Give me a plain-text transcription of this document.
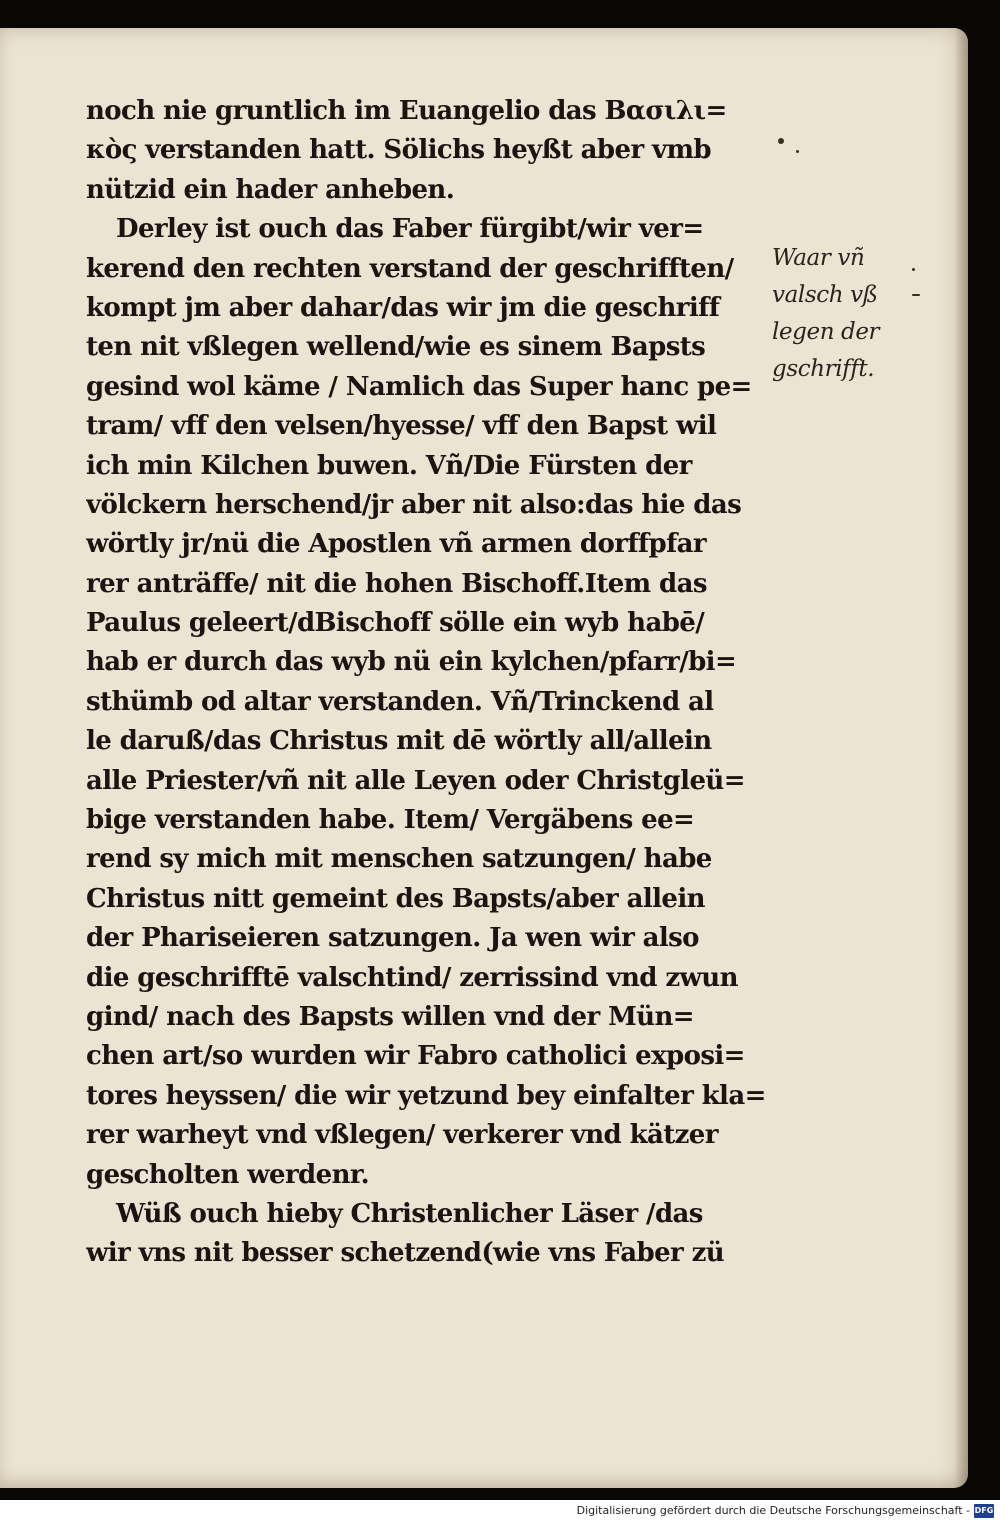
noch nie gruntlich im Euangelio das Βασιλι=
κὸς verstanden hatt. Sölichs heyßt aber vmb
nützid ein hader anheben.
Derley ist ouch das Faber fürgibt/wir ver=
kerend den rechten verstand der geschrifften/
kompt jm aber dahar/das wir jm die geschriff
ten nit vßlegen wellend/wie es sinem Bapsts
gesind wol käme / Namlich das Super hanc pe=
tram/ vff den velsen/hyesse/ vff den Bapst wil
ich min Kilchen buwen. Vñ/Die Fürsten der
völckern herschend/jr aber nit also:das hie das
wörtly jr/nü die Apostlen vñ armen dorffpfar
rer anträffe/ nit die hohen Bischoff.Item das
Paulus geleert/dBischoff sölle ein wyb habē/
hab er durch das wyb nü ein kylchen/pfarr/bi=
sthümb od altar verstanden. Vñ/Trinckend al
le daruß/das Christus mit dē wörtly all/allein
alle Priester/vñ nit alle Leyen oder Christgleü=
bige verstanden habe. Item/ Vergäbens ee=
rend sy mich mit menschen satzungen/ habe
Christus nitt gemeint des Bapsts/aber allein
der Phariseieren satzungen. Ja wen wir also
die geschrifftē valschtind/ zerrissind vnd zwun
gind/ nach des Bapsts willen vnd der Mün=
chen art/so wurden wir Fabro catholici exposi=
tores heyssen/ die wir yetzund bey einfalter kla=
rer warheyt vnd vßlegen/ verkerer vnd kätzer
gescholten werdenr.
Wüß ouch hieby Christenlicher Läser /das
wir vns nit besser schetzend(wie vns Faber zü
Waar vñ
valsch vß
legen der
gschrifft.
Digitalisierung gefördert durch die Deutsche Forschungsgemeinschaft - DFG
